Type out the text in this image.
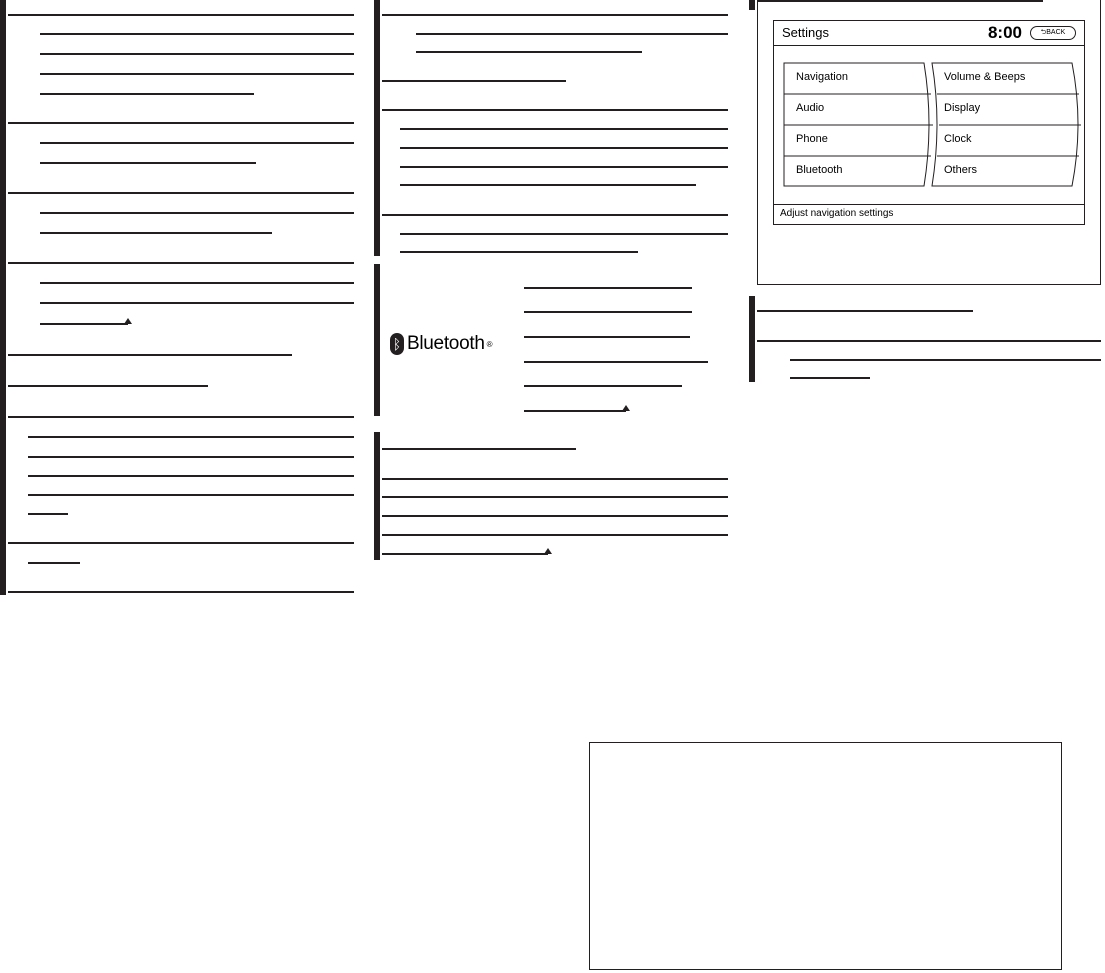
ᛒ Bluetooth ®
Settings	8:00	⮌BACK
Navigation
Audio
Phone
Bluetooth
Volume & Beeps
Display
Clock
Others
Adjust navigation settings
